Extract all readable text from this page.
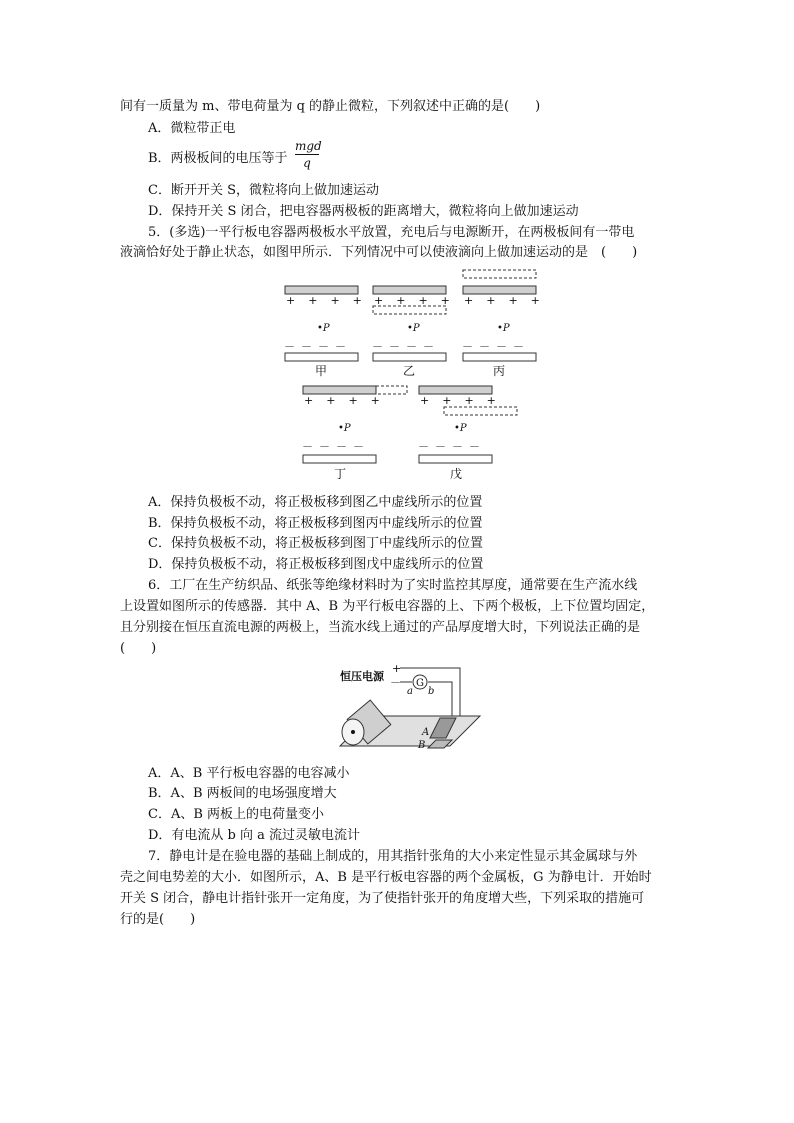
间有一质量为 m、带电荷量为 q 的静止微粒，下列叙述中正确的是(　　)
A．微粒带正电
B．两极板间的电压等于
mgd
q
C．断开开关 S，微粒将向上做加速运动
D．保持开关 S 闭合，把电容器两极板的距离增大，微粒将向上做加速运动
5．(多选)一平行板电容器两极板水平放置，充电后与电源断开，在两极板间有一带电
液滴恰好处于静止状态，如图甲所示．下列情况中可以使液滴向上做加速运动的是　(　　)
+ + + +
•P
－ － － －
甲
+ + + +
•P
－ － － －
乙
+ + + +
•P
－ － － －
丙
+ + + +
•P
－ － － －
丁
+ + + +
•P
－ － － －
戊
恒压电源
+
－ G
a b
A
B
A．保持负极板不动，将正极板移到图乙中虚线所示的位置
B．保持负极板不动，将正极板移到图丙中虚线所示的位置
C．保持负极板不动，将正极板移到图丁中虚线所示的位置
D．保持负极板不动，将正极板移到图戊中虚线所示的位置
6．工厂在生产纺织品、纸张等绝缘材料时为了实时监控其厚度，通常要在生产流水线
上设置如图所示的传感器．其中 A、B 为平行板电容器的上、下两个极板，上下位置均固定，
且分别接在恒压直流电源的两极上，当流水线上通过的产品厚度增大时，下列说法正确的是
(　　)
A．A、B 平行板电容器的电容减小
B．A、B 两板间的电场强度增大
C．A、B 两板上的电荷量变小
D．有电流从 b 向 a 流过灵敏电流计
7．静电计是在验电器的基础上制成的，用其指针张角的大小来定性显示其金属球与外
壳之间电势差的大小．如图所示，A、B 是平行板电容器的两个金属板，G 为静电计．开始时
开关 S 闭合，静电计指针张开一定角度，为了使指针张开的角度增大些，下列采取的措施可
行的是(　　)
